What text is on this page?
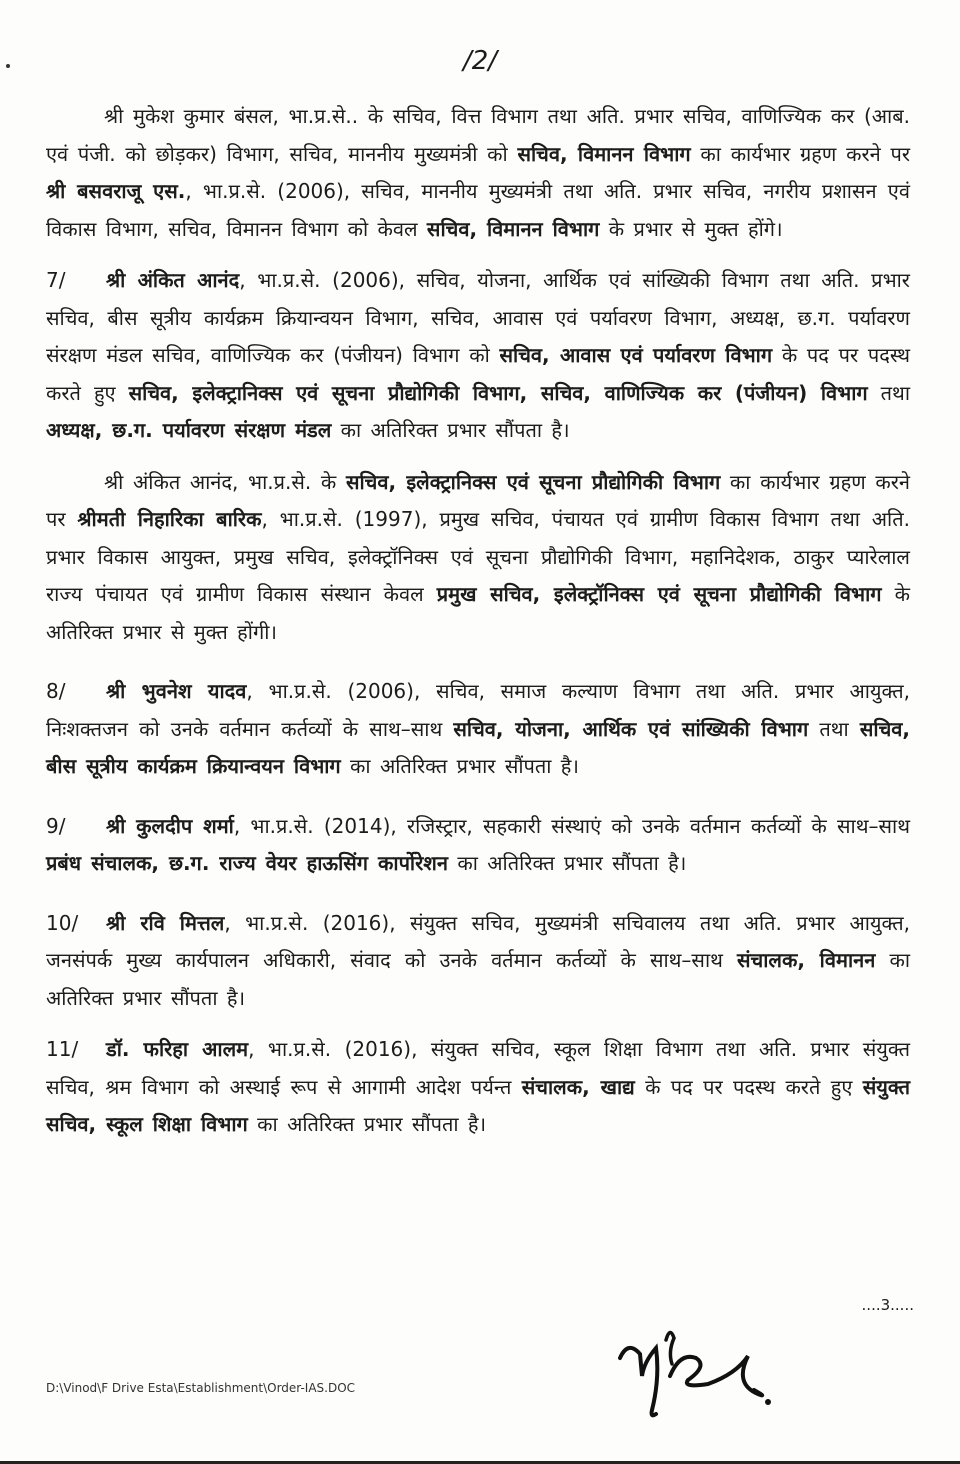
/2/

श्री मुकेश कुमार बंसल, भा.प्र.से.. के सचिव, वित्त विभाग तथा अति. प्रभार सचिव, वाणिज्यिक कर (आब. एवं पंजी. को छोड़कर) विभाग, सचिव, माननीय मुख्यमंत्री को सचिव, विमानन विभाग का कार्यभार ग्रहण करने पर श्री बसवराजू एस., भा.प्र.से. (2006), सचिव, माननीय मुख्यमंत्री तथा अति. प्रभार सचिव, नगरीय प्रशासन एवं विकास विभाग, सचिव, विमानन विभाग को केवल सचिव, विमानन विभाग के प्रभार से मुक्त होंगे।

7/ श्री अंकित आनंद, भा.प्र.से. (2006), सचिव, योजना, आर्थिक एवं सांख्यिकी विभाग तथा अति. प्रभार सचिव, बीस सूत्रीय कार्यक्रम क्रियान्वयन विभाग, सचिव, आवास एवं पर्यावरण विभाग, अध्यक्ष, छ.ग. पर्यावरण संरक्षण मंडल सचिव, वाणिज्यिक कर (पंजीयन) विभाग को सचिव, आवास एवं पर्यावरण विभाग के पद पर पदस्थ करते हुए सचिव, इलेक्ट्रानिक्स एवं सूचना प्रौद्योगिकी विभाग, सचिव, वाणिज्यिक कर (पंजीयन) विभाग तथा अध्यक्ष, छ.ग. पर्यावरण संरक्षण मंडल का अतिरिक्त प्रभार सौंपता है।

श्री अंकित आनंद, भा.प्र.से. के सचिव, इलेक्ट्रानिक्स एवं सूचना प्रौद्योगिकी विभाग का कार्यभार ग्रहण करने पर श्रीमती निहारिका बारिक, भा.प्र.से. (1997), प्रमुख सचिव, पंचायत एवं ग्रामीण विकास विभाग तथा अति. प्रभार विकास आयुक्त, प्रमुख सचिव, इलेक्ट्रॉनिक्स एवं सूचना प्रौद्योगिकी विभाग, महानिदेशक, ठाकुर प्यारेलाल राज्य पंचायत एवं ग्रामीण विकास संस्थान केवल प्रमुख सचिव, इलेक्ट्रॉनिक्स एवं सूचना प्रौद्योगिकी विभाग के अतिरिक्त प्रभार से मुक्त होंगी।

8/ श्री भुवनेश यादव, भा.प्र.से. (2006), सचिव, समाज कल्याण विभाग तथा अति. प्रभार आयुक्त, निःशक्तजन को उनके वर्तमान कर्तव्यों के साथ–साथ सचिव, योजना, आर्थिक एवं सांख्यिकी विभाग तथा सचिव, बीस सूत्रीय कार्यक्रम क्रियान्वयन विभाग का अतिरिक्त प्रभार सौंपता है।

9/ श्री कुलदीप शर्मा, भा.प्र.से. (2014), रजिस्ट्रार, सहकारी संस्थाएं को उनके वर्तमान कर्तव्यों के साथ–साथ प्रबंध संचालक, छ.ग. राज्य वेयर हाऊसिंग कार्पोरेशन का अतिरिक्त प्रभार सौंपता है।

10/ श्री रवि मित्तल, भा.प्र.से. (2016), संयुक्त सचिव, मुख्यमंत्री सचिवालय तथा अति. प्रभार आयुक्त, जनसंपर्क मुख्य कार्यपालन अधिकारी, संवाद को उनके वर्तमान कर्तव्यों के साथ–साथ संचालक, विमानन का अतिरिक्त प्रभार सौंपता है।

11/ डॉ. फरिहा आलम, भा.प्र.से. (2016), संयुक्त सचिव, स्कूल शिक्षा विभाग तथा अति. प्रभार संयुक्त सचिव, श्रम विभाग को अस्थाई रूप से आगामी आदेश पर्यन्त संचालक, खाद्य के पद पर पदस्थ करते हुए संयुक्त सचिव, स्कूल शिक्षा विभाग का अतिरिक्त प्रभार सौंपता है।

....3.....
D:\Vinod\F Drive Esta\Establishment\Order-IAS.DOC
